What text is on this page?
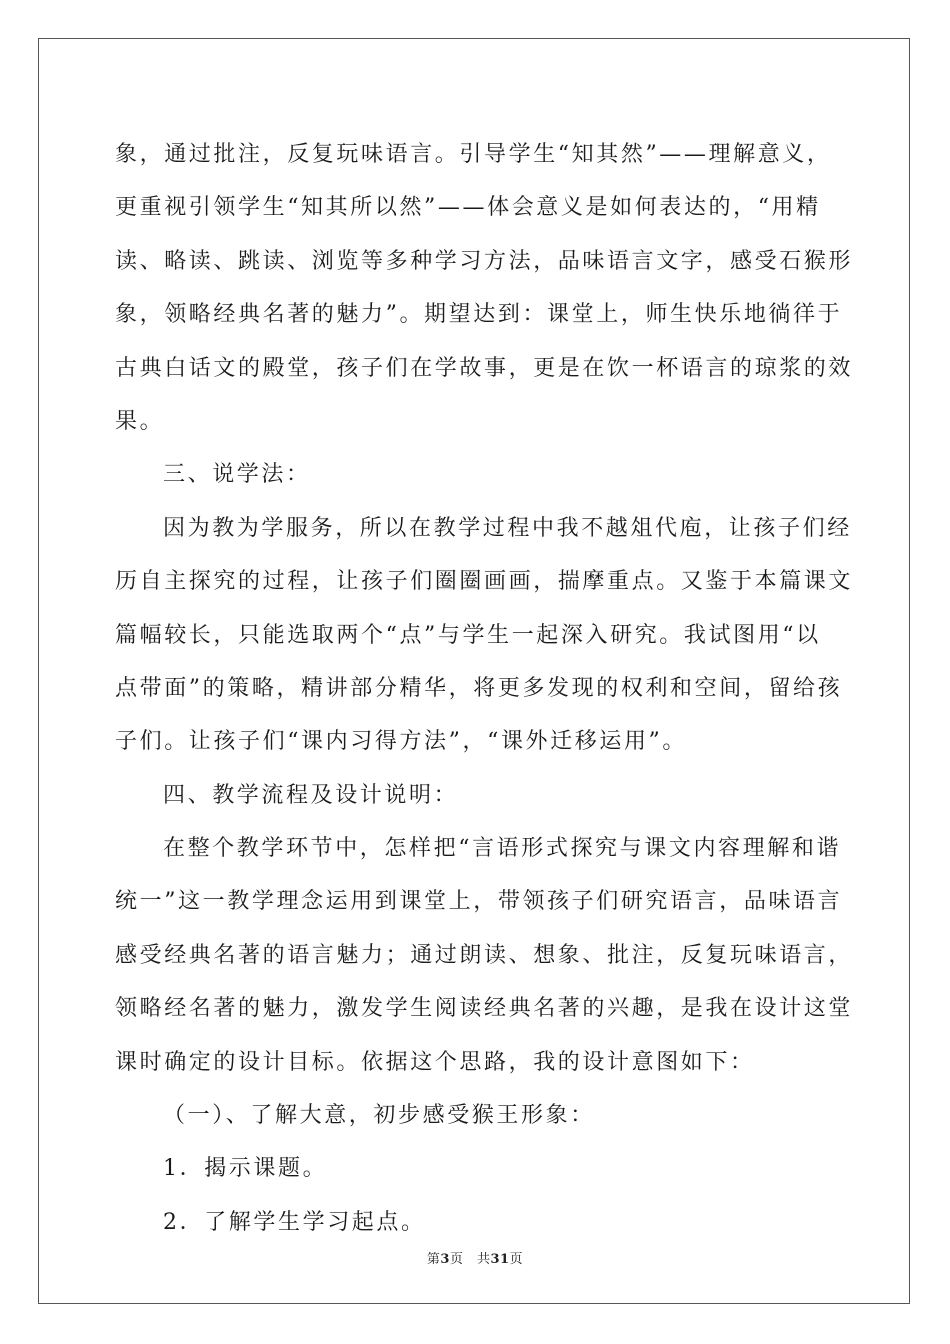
象，通过批注，反复玩味语言。引导学生“知其然”——理解意义，

更重视引领学生“知其所以然”——体会意义是如何表达的，“用精

读、略读、跳读、浏览等多种学习方法，品味语言文字，感受石猴形

象，领略经典名著的魅力”。期望达到：课堂上，师生快乐地徜徉于

古典白话文的殿堂，孩子们在学故事，更是在饮一杯语言的琼浆的效

果。

三、说学法：

因为教为学服务，所以在教学过程中我不越俎代庖，让孩子们经

历自主探究的过程，让孩子们圈圈画画，揣摩重点。又鉴于本篇课文

篇幅较长，只能选取两个“点”与学生一起深入研究。我试图用“以

点带面”的策略，精讲部分精华，将更多发现的权利和空间，留给孩

子们。让孩子们“课内习得方法”，“课外迁移运用”。

四、教学流程及设计说明：

在整个教学环节中，怎样把“言语形式探究与课文内容理解和谐

统一”这一教学理念运用到课堂上，带领孩子们研究语言，品味语言

感受经典名著的语言魅力；通过朗读、想象、批注，反复玩味语言，

领略经名著的魅力，激发学生阅读经典名著的兴趣，是我在设计这堂

课时确定的设计目标。依据这个思路，我的设计意图如下：

（一）、了解大意，初步感受猴王形象：

1．揭示课题。

2．了解学生学习起点。

第3页　共31页
